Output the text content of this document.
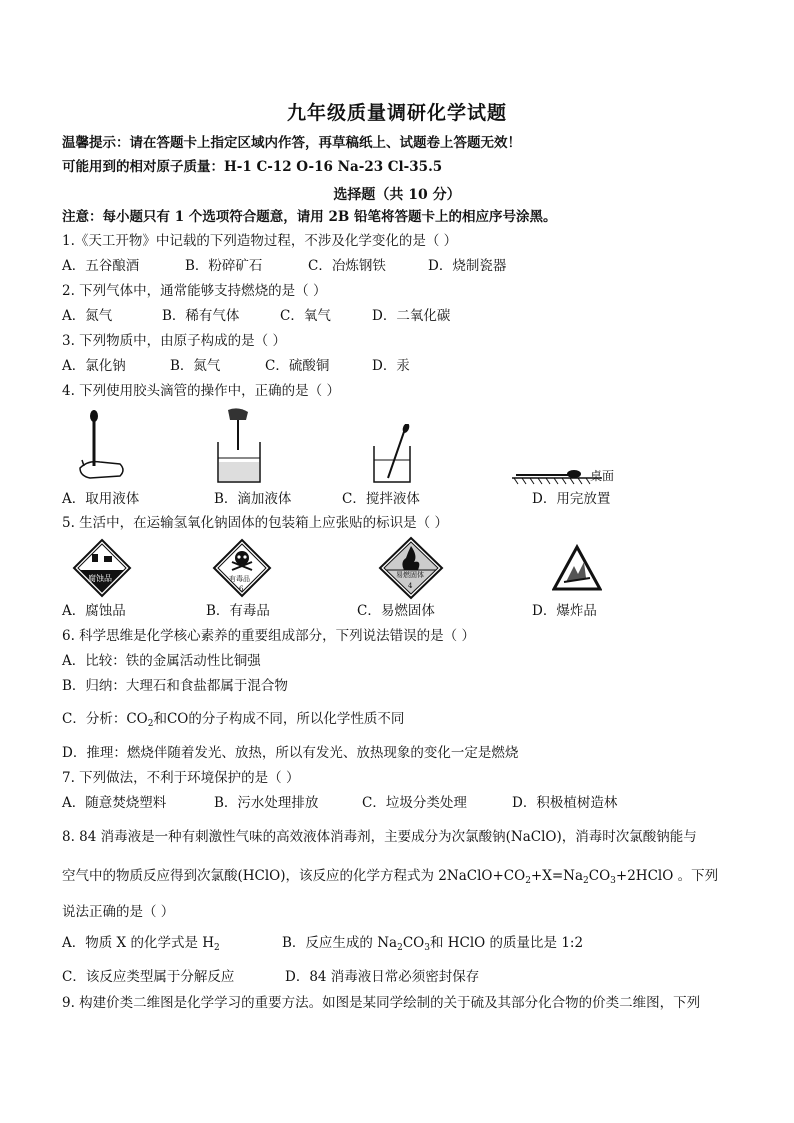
九年级质量调研化学试题
温馨提示：请在答题卡上指定区域内作答，再草稿纸上、试题卷上答题无效！
可能用到的相对原子质量：H-1 C-12 O-16 Na-23 Cl-35.5
选择题（共 10 分）
注意：每小题只有 1 个选项符合题意，请用 2B 铅笔将答题卡上的相应序号涂黑。
1.《天工开物》中记载的下列造物过程，不涉及化学变化的是（ ）
A．五谷酿酒	B．粉碎矿石	C．冶炼钢铁	D．烧制瓷器
2. 下列气体中，通常能够支持燃烧的是（ ）
A．氮气	B．稀有气体	C．氧气	D．二氧化碳
3. 下列物质中，由原子构成的是（ ）
A．氯化钠	B．氮气	C．硫酸铜	D．汞
4. 下列使用胶头滴管的操作中，正确的是（ ）
桌面
A．取用液体	B．滴加液体	C．搅拌液体	D．用完放置
5. 生活中，在运输氢氧化钠固体的包装箱上应张贴的标识是（ ）
腐蚀品	有毒品
6
易燃固体
4
A．腐蚀品	B．有毒品	C．易燃固体	D．爆炸品
6. 科学思维是化学核心素养的重要组成部分，下列说法错误的是（ ）
A．比较：铁的金属活动性比铜强
B．归纳：大理石和食盐都属于混合物
C．分析：$CO_2$和CO的分子构成不同，所以化学性质不同
D．推理：燃烧伴随着发光、放热，所以有发光、放热现象的变化一定是燃烧
7. 下列做法，不利于环境保护的是（ ）
A．随意焚烧塑料	B．污水处理排放	C．垃圾分类处理	D．积极植树造林
8. 84 消毒液是一种有刺激性气味的高效液体消毒剂，主要成分为次氯酸钠(NaClO)，消毒时次氯酸钠能与
空气中的物质反应得到次氯酸(HClO)，该反应的化学方程式为 $2NaClO+CO_2+X=Na_2CO_3+2HClO$ 。下列
说法正确的是（ ）
A．物质 X 的化学式是 $H_2$	B．反应生成的 $Na_2CO_3$和 HClO 的质量比是 1:2
C．该反应类型属于分解反应	D．84 消毒液日常必须密封保存
9. 构建价类二维图是化学学习的重要方法。如图是某同学绘制的关于硫及其部分化合物的价类二维图，下列
